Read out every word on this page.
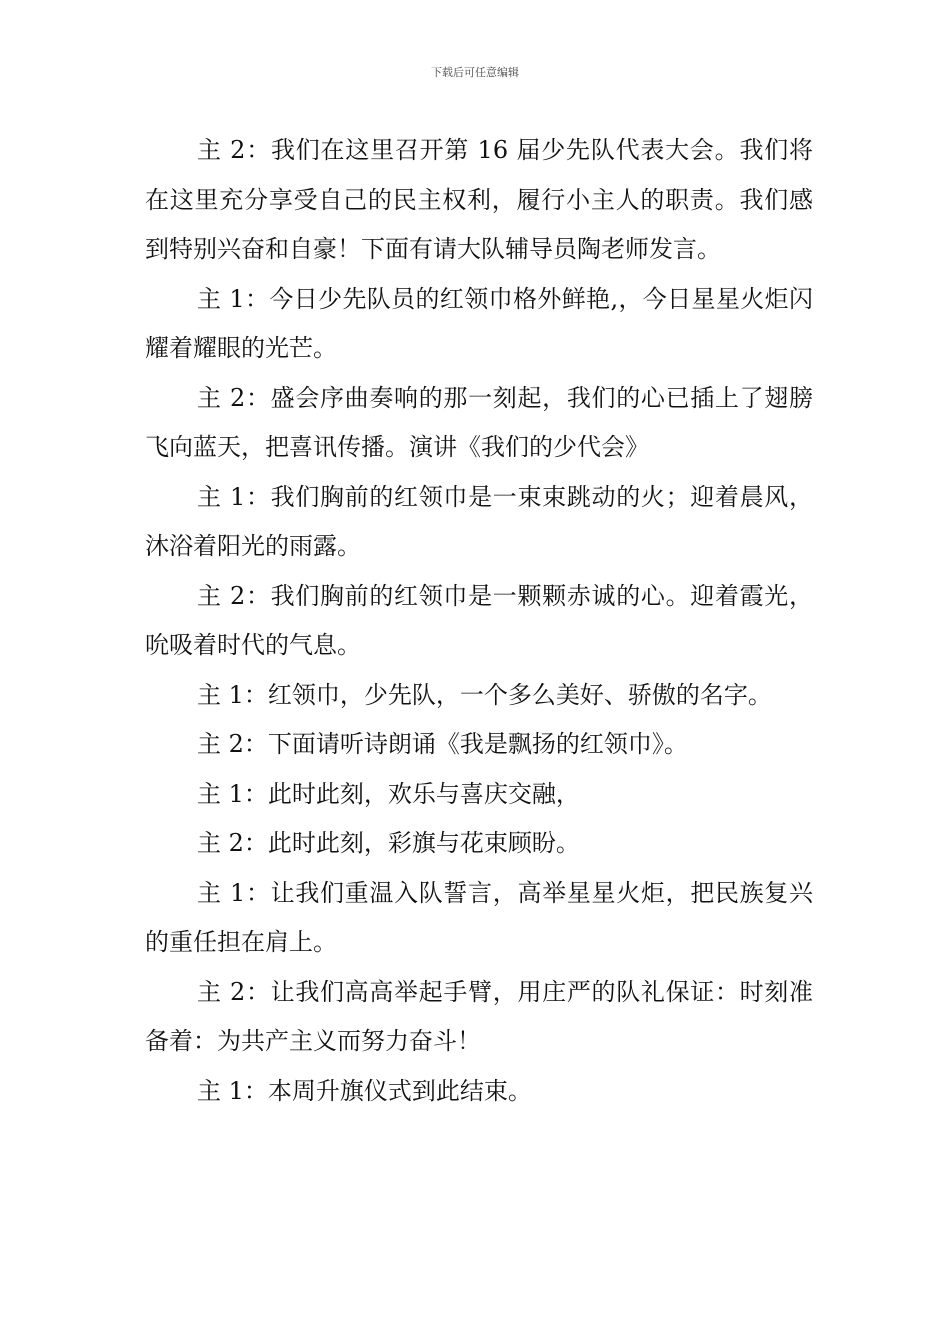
下载后可任意编辑

主 2：我们在这里召开第 16 届少先队代表大会。我们将在这里充分享受自己的民主权利，履行小主人的职责。我们感到特别兴奋和自豪！下面有请大队辅导员陶老师发言。

主 1：今日少先队员的红领巾格外鲜艳,，今日星星火炬闪耀着耀眼的光芒。

主 2：盛会序曲奏响的那一刻起，我们的心已插上了翅膀飞向蓝天，把喜讯传播。演讲《我们的少代会》

主 1：我们胸前的红领巾是一束束跳动的火；迎着晨风，沐浴着阳光的雨露。

主 2：我们胸前的红领巾是一颗颗赤诚的心。迎着霞光，吮吸着时代的气息。

主 1：红领巾，少先队，一个多么美好、骄傲的名字。

主 2：下面请听诗朗诵《我是飘扬的红领巾》。

主 1：此时此刻，欢乐与喜庆交融，

主 2：此时此刻，彩旗与花束顾盼。

主 1：让我们重温入队誓言，高举星星火炬，把民族复兴的重任担在肩上。

主 2：让我们高高举起手臂，用庄严的队礼保证：时刻准备着：为共产主义而努力奋斗！

主 1：本周升旗仪式到此结束。
